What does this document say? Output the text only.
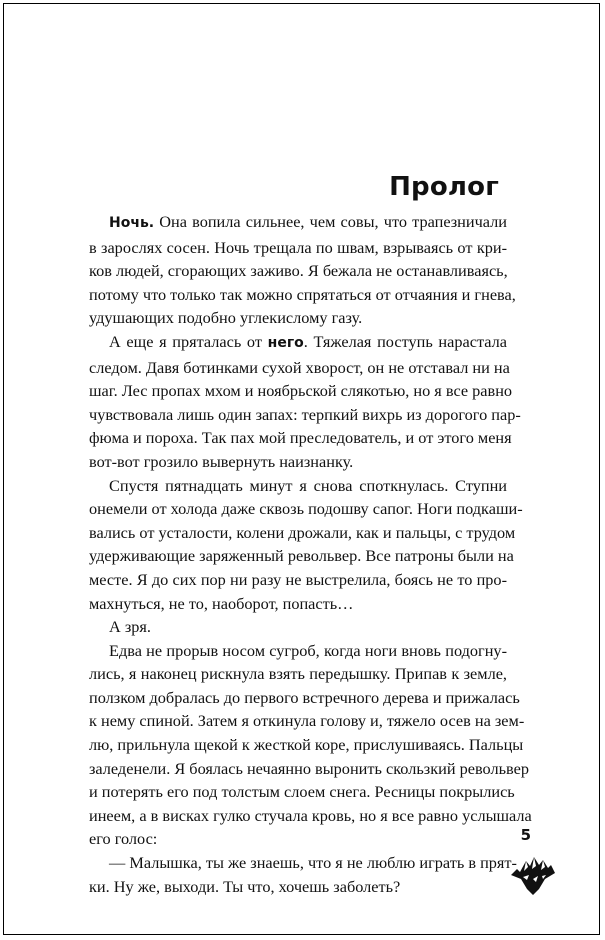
Пролог

Ночь. Она вопила сильнее, чем совы, что трапезничали
в зарослях сосен. Ночь трещала по швам, взрываясь от кри-
ков людей, сгорающих заживо. Я бежала не останавливаясь,
потому что только так можно спрятаться от отчаяния и гнева,
удушающих подобно углекислому газу.

А еще я пряталась от него. Тяжелая поступь нарастала
следом. Давя ботинками сухой хворост, он не отставал ни на
шаг. Лес пропах мхом и ноябрьской слякотью, но я все равно
чувствовала лишь один запах: терпкий вихрь из дорогого пар-
фюма и пороха. Так пах мой преследователь, и от этого меня
вот-вот грозило вывернуть наизнанку.

Спустя пятнадцать минут я снова споткнулась. Ступни
онемели от холода даже сквозь подошву сапог. Ноги подкаши-
вались от усталости, колени дрожали, как и пальцы, с трудом
удерживающие заряженный револьвер. Все патроны были на
месте. Я до сих пор ни разу не выстрелила, боясь не то про-
махнуться, не то, наоборот, попасть…

А зря.

Едва не прорыв носом сугроб, когда ноги вновь подогну-
лись, я наконец рискнула взять передышку. Припав к земле,
ползком добралась до первого встречного дерева и прижалась
к нему спиной. Затем я откинула голову и, тяжело осев на зем-
лю, прильнула щекой к жесткой коре, прислушиваясь. Пальцы
заледенели. Я боялась нечаянно выронить скользкий револьвер
и потерять его под толстым слоем снега. Ресницы покрылись
инеем, а в висках гулко стучала кровь, но я все равно услышала
его голос:

— Малышка, ты же знаешь, что я не люблю играть в прят-
ки. Ну же, выходи. Ты что, хочешь заболеть?

5
